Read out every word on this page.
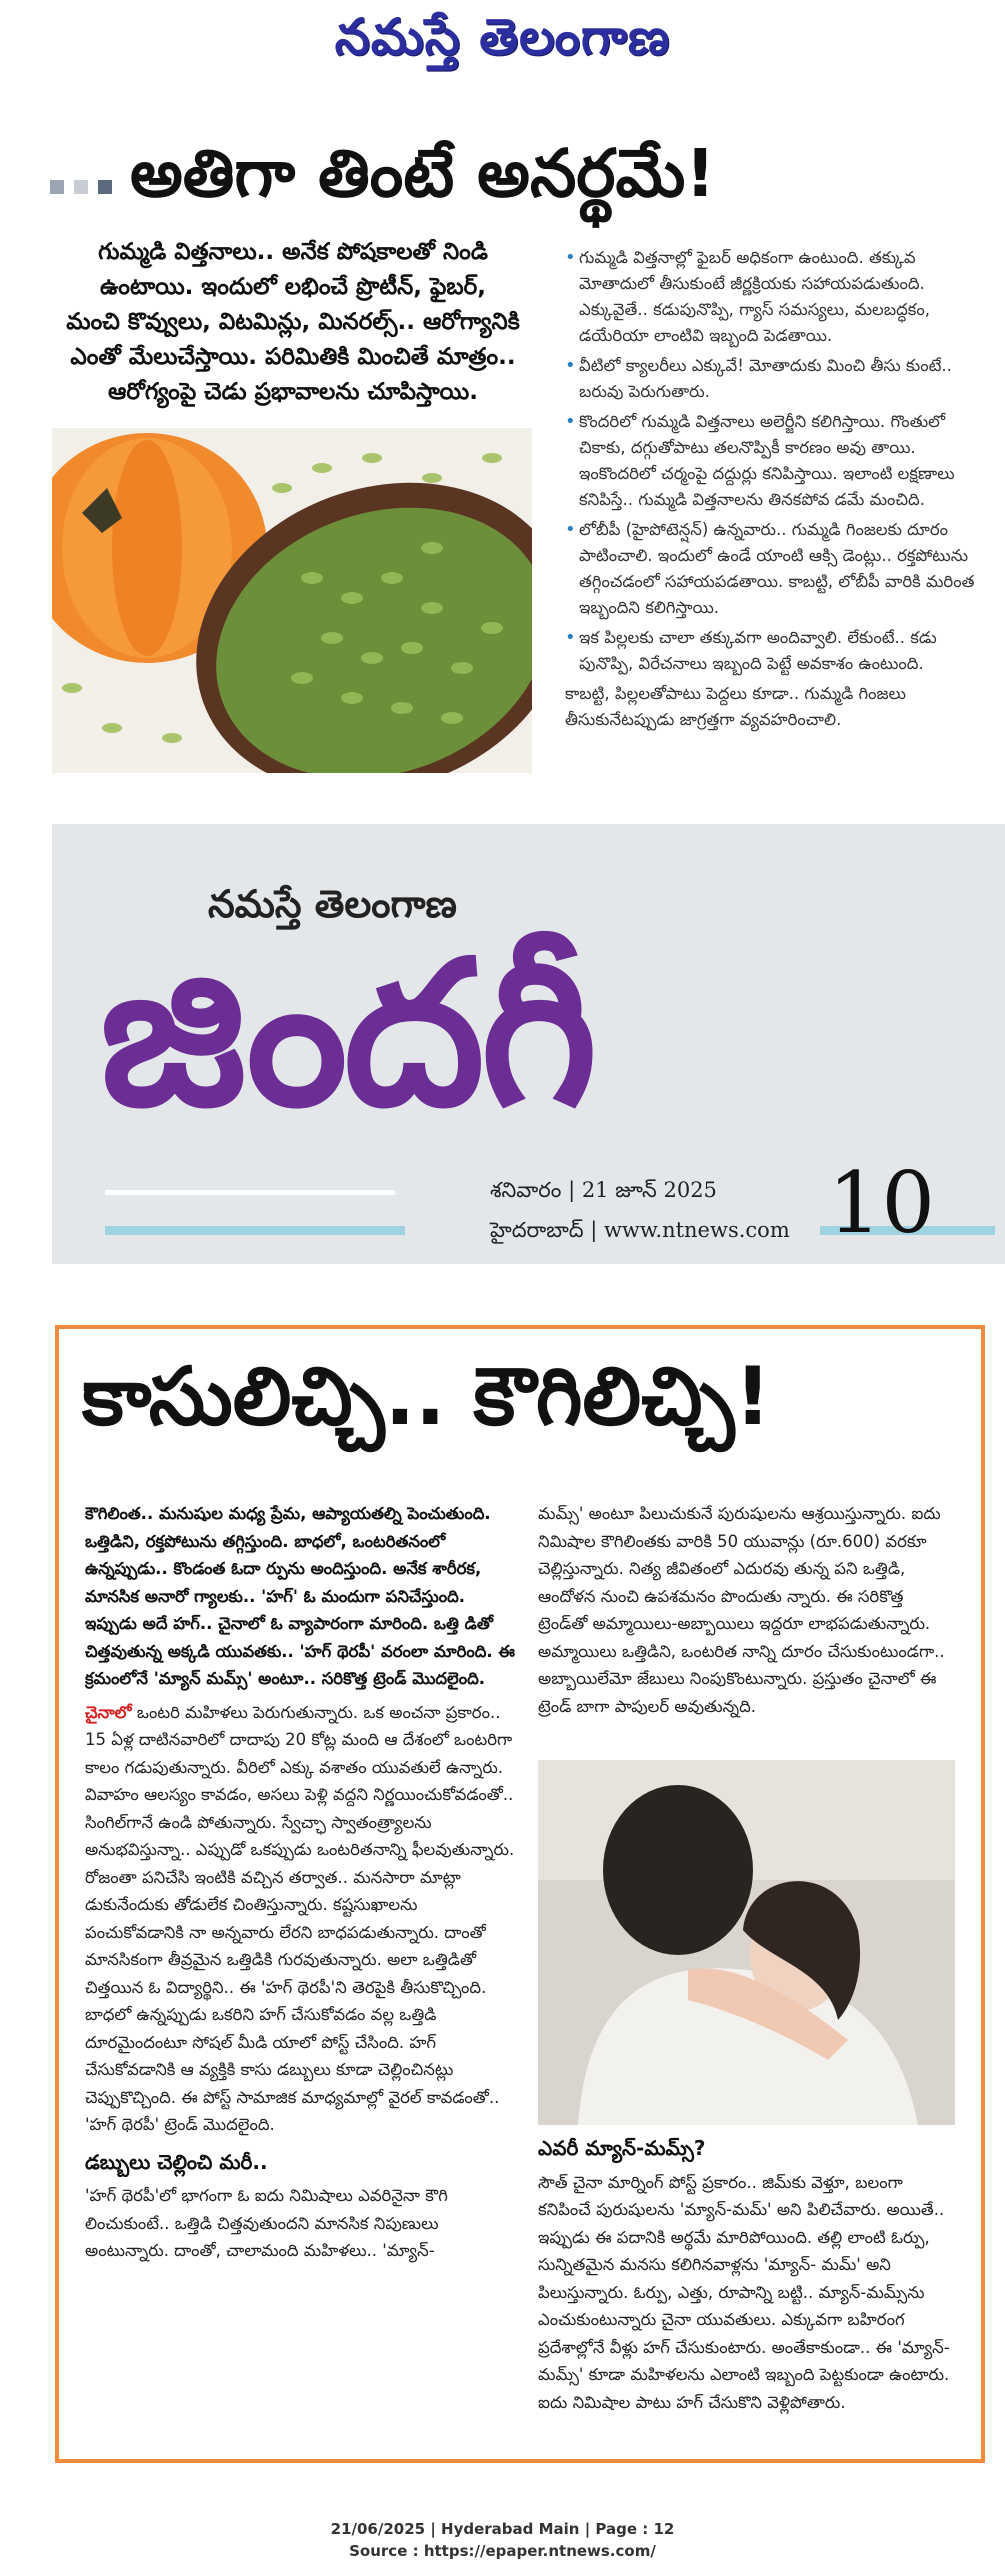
నమస్తే తెలంగాణ
అతిగా తింటే అనర్థమే!

గుమ్మడి విత్తనాలు.. అనేక పోషకాలతో నిండి

ఉంటాయి. ఇందులో లభించే ప్రొటీన్, ఫైబర్,

మంచి కొవ్వులు, విటమిన్లు, మినరల్స్.. ఆరోగ్యానికి

ఎంతో మేలుచేస్తాయి. పరిమితికి మించితే మాత్రం..

ఆరోగ్యంపై చెడు ప్రభావాలను చూపిస్తాయి.

• గుమ్మడి విత్తనాల్లో ఫైబర్ అధికంగా ఉంటుంది. తక్కువ మోతాదులో తీసుకుంటే జీర్ణక్రియకు సహాయపడుతుంది. ఎక్కువైతే.. కడుపునొప్పి, గ్యాస్ సమస్యలు, మలబద్ధకం, డయేరియా లాంటివి ఇబ్బంది పెడతాయి.
• వీటిలో క్యాలరీలు ఎక్కువే! మోతాదుకు మించి తీసు కుంటే.. బరువు పెరుగుతారు.
• కొందరిలో గుమ్మడి విత్తనాలు అలెర్జీని కలిగిస్తాయి. గొంతులో చికాకు, దగ్గుతోపాటు తలనొప్పికీ కారణం అవు తాయి. ఇంకొందరిలో చర్మంపై దద్దుర్లు కనిపిస్తాయి. ఇలాంటి లక్షణాలు కనిపిస్తే.. గుమ్మడి విత్తనాలను తినకపోవ డమే మంచిది.
• లోబీపీ (హైపోటెన్షన్) ఉన్నవారు.. గుమ్మడి గింజలకు దూరం పాటించాలి. ఇందులో ఉండే యాంటి ఆక్సి డెంట్లు.. రక్తపోటును తగ్గించడంలో సహాయపడతాయి. కాబట్టి, లోబీపీ వారికి మరింత ఇబ్బందిని కలిగిస్తాయి.
• ఇక పిల్లలకు చాలా తక్కువగా అందివ్వాలి. లేకుంటే.. కడు పునొప్పి, విరేచనాలు ఇబ్బంది పెట్టే అవకాశం ఉంటుంది.

కాబట్టి, పిల్లలతోపాటు పెద్దలు కూడా.. గుమ్మడి గింజలు తీసుకునేటప్పుడు జాగ్రత్తగా వ్యవహరించాలి.

నమస్తే తెలంగాణ
జిందగీ
శనివారం | 21 జూన్ 2025
హైదరాబాద్ | www.ntnews.com 10
కాసులిచ్చి.. కౌగిలిచ్చి!

కౌగిలింత.. మనుషుల మధ్య ప్రేమ, ఆప్యాయతల్ని పెంచుతుంది. ఒత్తిడిని, రక్తపోటును తగ్గిస్తుంది. బాధలో, ఒంటరితనంలో ఉన్నప్పుడు.. కొండంత ఓదా ర్పును అందిస్తుంది. అనేక శారీరక, మానసిక అనారో గ్యాలకు.. 'హగ్' ఓ మందుగా పనిచేస్తుంది. ఇప్పుడు అదే హగ్.. చైనాలో ఓ వ్యాపారంగా మారింది. ఒత్తి డితో చిత్తవుతున్న అక్కడి యువతకు.. 'హగ్ థెరపీ' వరంలా మారింది. ఈ క్రమంలోనే 'మ్యాన్ మమ్స్' అంటూ.. సరికొత్త ట్రెండ్ మొదలైంది.

చైనాలో ఒంటరి మహిళలు పెరుగుతున్నారు. ఒక అంచనా ప్రకారం.. 15 ఏళ్ల దాటినవారిలో దాదాపు 20 కోట్ల మంది ఆ దేశంలో ఒంటరిగా కాలం గడుపుతున్నారు. వీరిలో ఎక్కు వశాతం యువతులే ఉన్నారు. వివాహం ఆలస్యం కావడం, అసలు పెళ్లి వద్దని నిర్ణయించుకోవడంతో.. సింగిల్‌గానే ఉండి పోతున్నారు. స్వేచ్ఛా స్వాతంత్ర్యాలను అనుభవిస్తున్నా.. ఎప్పుడో ఒకప్పుడు ఒంటరితనాన్ని ఫీలవుతున్నారు. రోజంతా పనిచేసి ఇంటికి వచ్చిన తర్వాత.. మనసారా మాట్లా డుకునేందుకు తోడులేక చింతిస్తున్నారు. కష్టసుఖాలను పంచుకోవడానికి నా అన్నవారు లేరని బాధపడుతున్నారు. దాంతో మానసికంగా తీవ్రమైన ఒత్తిడికి గురవుతున్నారు. అలా ఒత్తిడితో చిత్తయిన ఓ విద్యార్థిని.. ఈ 'హగ్ థెరపీ'ని తెరపైకి తీసుకొచ్చింది. బాధలో ఉన్నప్పుడు ఒకరిని హగ్ చేసుకోవడం వల్ల ఒత్తిడి దూరమైందంటూ సోషల్ మీడి యాలో పోస్ట్ చేసింది. హగ్ చేసుకోవడానికి ఆ వ్యక్తికి కాసు డబ్బులు కూడా చెల్లించినట్లు చెప్పుకొచ్చింది. ఈ పోస్ట్ సామాజిక మాధ్యమాల్లో వైరల్ కావడంతో.. 'హగ్ థెరపీ' ట్రెండ్ మొదలైంది.

డబ్బులు చెల్లించి మరీ..

'హగ్ థెరపీ'లో భాగంగా ఓ ఐదు నిమిషాలు ఎవరినైనా కౌగి లించుకుంటే.. ఒత్తిడి చిత్తవుతుందని మానసిక నిపుణులు అంటున్నారు. దాంతో, చాలామంది మహిళలు.. 'మ్యాన్-

మమ్స్' అంటూ పిలుచుకునే పురుషులను ఆశ్రయిస్తున్నారు. ఐదు నిమిషాల కౌగిలింతకు వారికి 50 యువాన్లు (రూ.600) వరకూ చెల్లిస్తున్నారు. నిత్య జీవితంలో ఎదురవు తున్న పని ఒత్తిడి, ఆందోళన నుంచి ఉపశమనం పొందుతు న్నారు. ఈ సరికొత్త ట్రెండ్‌తో అమ్మాయిలు-అబ్బాయిలు ఇద్దరూ లాభపడుతున్నారు. అమ్మాయిలు ఒత్తిడిని, ఒంటరిత నాన్ని దూరం చేసుకుంటుండగా.. అబ్బాయిలేమో జేబులు నింపుకొంటున్నారు. ప్రస్తుతం చైనాలో ఈ ట్రెండ్ బాగా పాపులర్ అవుతున్నది.

ఎవరీ మ్యాన్-మమ్స్?

సౌత్ చైనా మార్నింగ్ పోస్ట్ ప్రకారం.. జిమ్‌కు వెళ్తూ, బలంగా కనిపించే పురుషులను 'మ్యాన్-మమ్' అని పిలిచేవారు. అయితే.. ఇప్పుడు ఈ పదానికి అర్థమే మారిపోయింది. తల్లి లాంటి ఓర్పు, సున్నితమైన మనసు కలిగినవాళ్లను 'మ్యాన్- మమ్' అని పిలుస్తున్నారు. ఓర్పు, ఎత్తు, రూపాన్ని బట్టి.. మ్యాన్-మమ్స్‌ను ఎంచుకుంటున్నారు చైనా యువతులు. ఎక్కువగా బహిరంగ ప్రదేశాల్లోనే వీళ్లు హగ్ చేసుకుంటారు. అంతేకాకుండా.. ఈ 'మ్యాన్-మమ్స్' కూడా మహిళలను ఎలాంటి ఇబ్బంది పెట్టకుండా ఉంటారు. ఐదు నిమిషాల పాటు హగ్ చేసుకొని వెళ్లిపోతారు.

21/06/2025 | Hyderabad Main | Page : 12
Source : https://epaper.ntnews.com/
